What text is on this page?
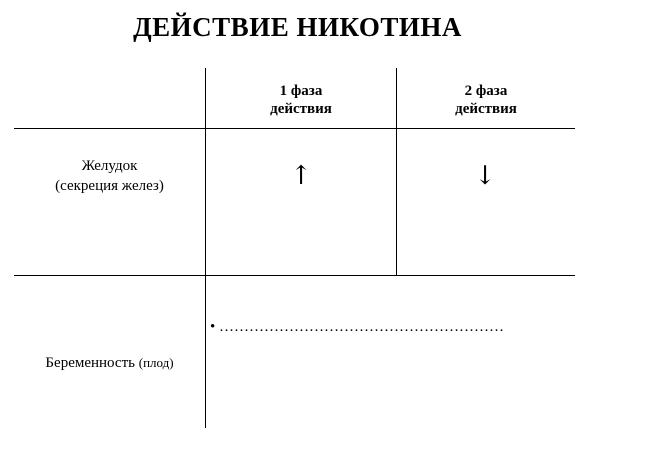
ДЕЙСТВИЕ НИКОТИНА
1 фаза
действия
2 фаза
действия
Желудок
(секреция желез)	↑	↓
Беременность (плод)
• …………………………………………………
